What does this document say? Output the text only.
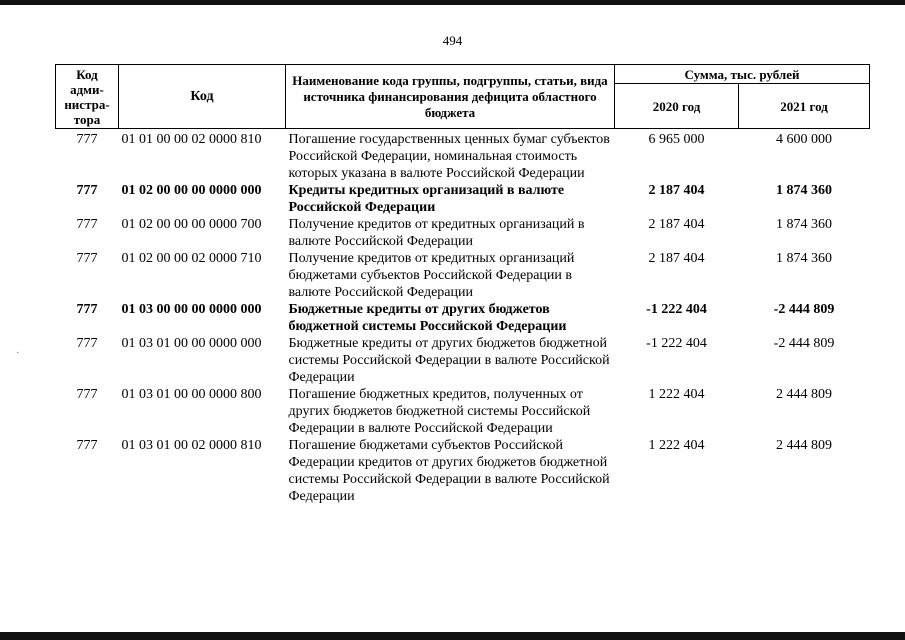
494
·
Код адми-нистра-тора	Код	Наименование кода группы, подгруппы, статьи, вида источника финансирования дефицита областного бюджета	Сумма, тыс. рублей	
			2020 год	2021 год
777	01 01 00 00 02 0000 810	Погашение государственных ценных бумаг субъектов Российской Федерации, номинальная стоимость которых указана в валюте Российской Федерации	6 965 000	4 600 000
777	01 02 00 00 00 0000 000	Кредиты кредитных организаций в валюте Российской Федерации	2 187 404	1 874 360
777	01 02 00 00 00 0000 700	Получение кредитов от кредитных организаций в валюте Российской Федерации	2 187 404	1 874 360
777	01 02 00 00 02 0000 710	Получение кредитов от кредитных организаций бюджетами субъектов Российской Федерации в валюте Российской Федерации	2 187 404	1 874 360
777	01 03 00 00 00 0000 000	Бюджетные кредиты от других бюджетов бюджетной системы Российской Федерации	-1 222 404	-2 444 809
777	01 03 01 00 00 0000 000	Бюджетные кредиты от других бюджетов бюджетной системы Российской Федерации в валюте Российской Федерации	-1 222 404	-2 444 809
777	01 03 01 00 00 0000 800	Погашение бюджетных кредитов, полученных от других бюджетов бюджетной системы Российской Федерации в валюте Российской Федерации	1 222 404	2 444 809
777	01 03 01 00 02 0000 810	Погашение бюджетами субъектов Российской Федерации кредитов от других бюджетов бюджетной системы Российской Федерации в валюте Российской Федерации	1 222 404	2 444 809
